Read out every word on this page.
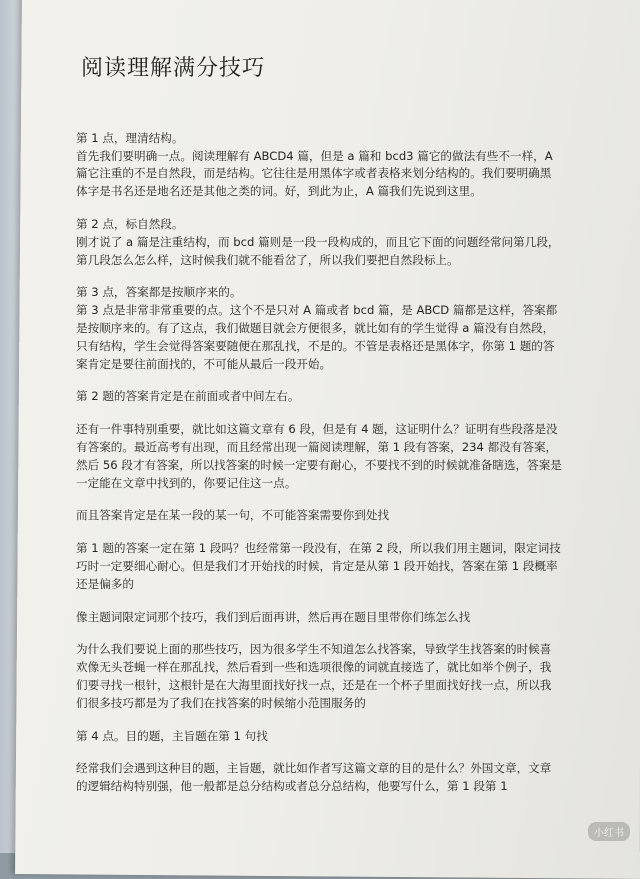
阅读理解满分技巧

第 1 点，理清结构。
首先我们要明确一点。阅读理解有 ABCD4 篇，但是 a 篇和 bcd3 篇它的做法有些不一样，A 篇它注重的不是自然段，而是结构。它往往是用黑体字或者表格来划分结构的。我们要明确黑体字是书名还是地名还是其他之类的词。好，到此为止，A 篇我们先说到这里。

第 2 点，标自然段。
刚才说了 a 篇是注重结构，而 bcd 篇则是一段一段构成的，而且它下面的问题经常问第几段，第几段怎么怎么样，这时候我们就不能看岔了，所以我们要把自然段标上。

第 3 点，答案都是按顺序来的。
第 3 点是非常非常重要的点。这个不是只对 A 篇或者 bcd 篇，是 ABCD 篇都是这样，答案都是按顺序来的。有了这点，我们做题目就会方便很多，就比如有的学生觉得 a 篇没有自然段，只有结构，学生会觉得答案要随便在那乱找，不是的。不管是表格还是黑体字，你第 1 题的答案肯定是要往前面找的，不可能从最后一段开始。

第 2 题的答案肯定是在前面或者中间左右。

还有一件事特别重要，就比如这篇文章有 6 段，但是有 4 题，这证明什么？证明有些段落是没有答案的。最近高考有出现，而且经常出现一篇阅读理解，第 1 段有答案，234 都没有答案，然后 56 段才有答案，所以找答案的时候一定要有耐心，不要找不到的时候就准备瞎选，答案是一定能在文章中找到的，你要记住这一点。

而且答案肯定是在某一段的某一句，不可能答案需要你到处找

第 1 题的答案一定在第 1 段吗？也经常第一段没有，在第 2 段，所以我们用主题词，限定词技巧时一定要细心耐心。但是我们才开始找的时候，肯定是从第 1 段开始找，答案在第 1 段概率还是偏多的

像主题词限定词那个技巧，我们到后面再讲，然后再在题目里带你们练怎么找

为什么我们要说上面的那些技巧，因为很多学生不知道怎么找答案，导致学生找答案的时候喜欢像无头苍蝇一样在那乱找，然后看到一些和选项很像的词就直接选了，就比如举个例子，我们要寻找一根针，这根针是在大海里面找好找一点，还是在一个杯子里面找好找一点，所以我们很多技巧都是为了我们在找答案的时候缩小范围服务的

第 4 点。目的题，主旨题在第 1 句找

经常我们会遇到这种目的题，主旨题，就比如作者写这篇文章的目的是什么？外国文章，文章的逻辑结构特别强，他一般都是总分结构或者总分总结构，他要写什么，第 1 段第 1

小红书
